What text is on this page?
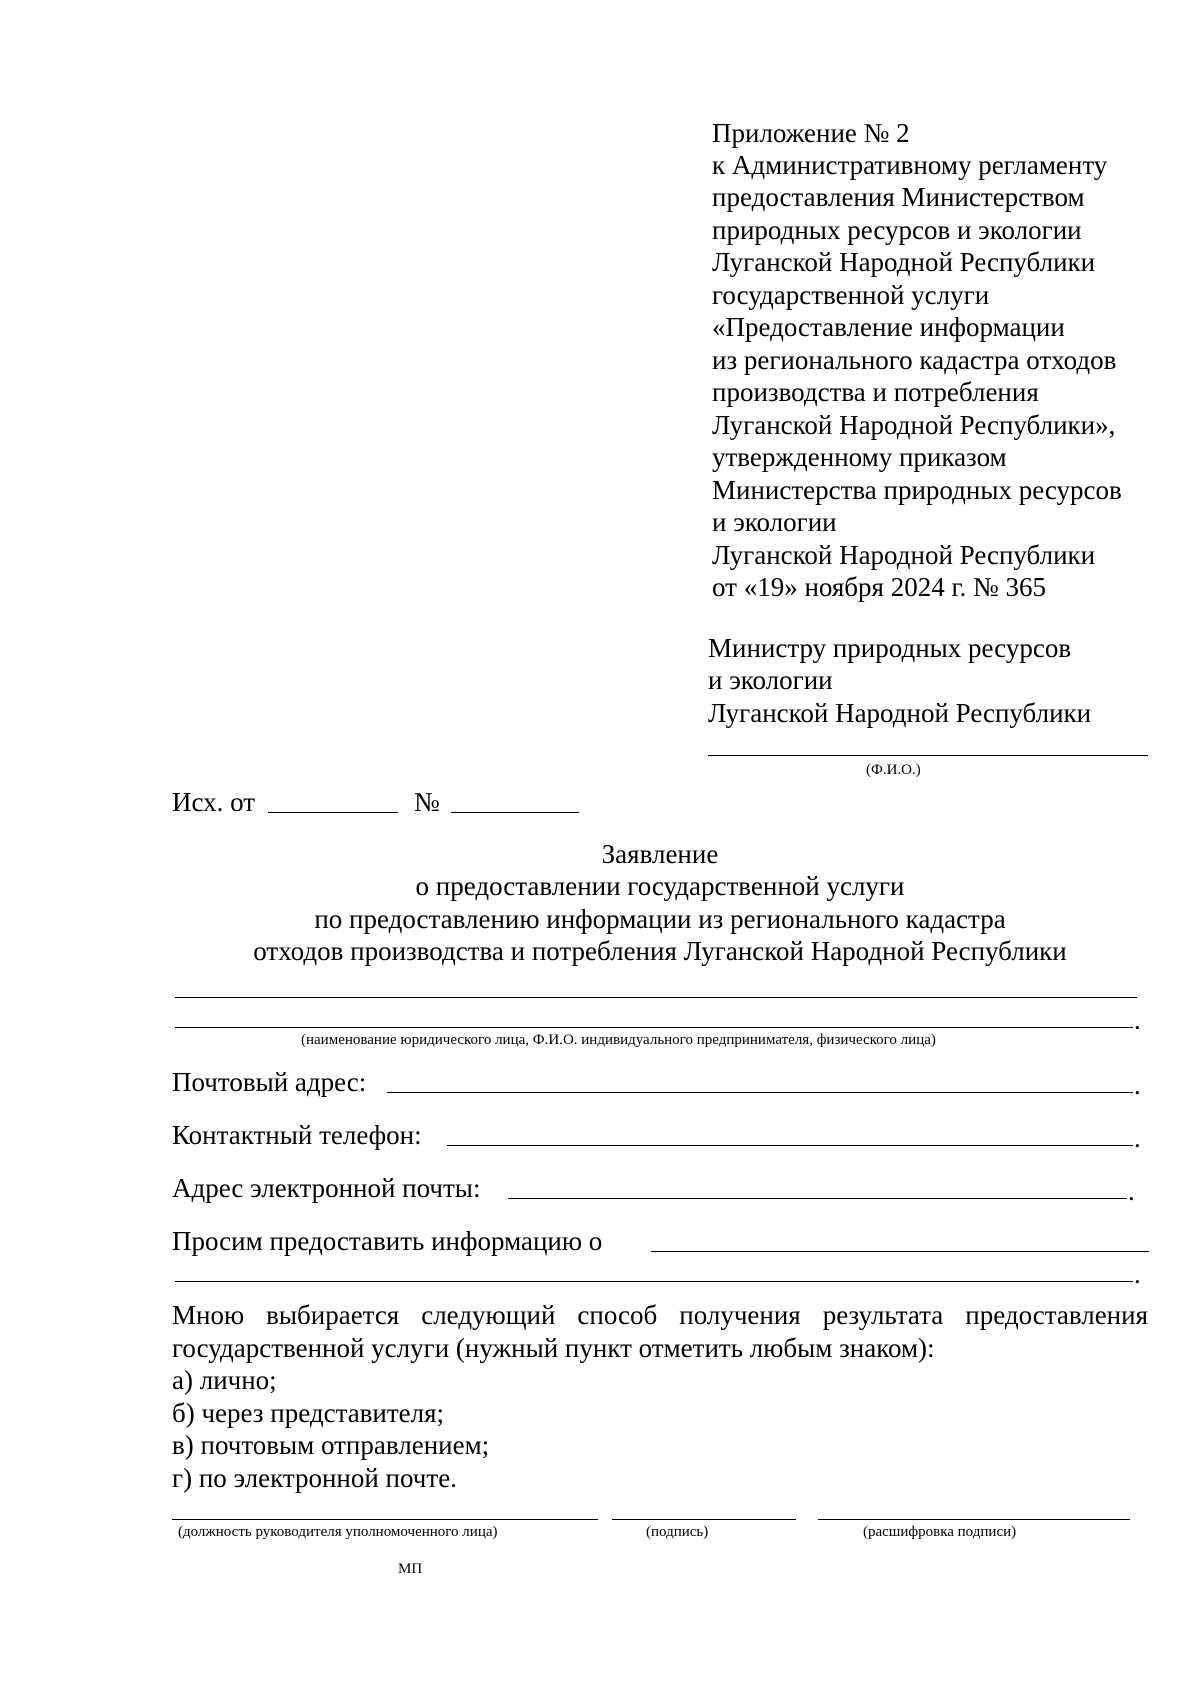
Приложение № 2
к Административному регламенту
предоставления Министерством
природных ресурсов и экологии
Луганской Народной Республики
государственной услуги
«Предоставление информации
из регионального кадастра отходов
производства и потребления
Луганской Народной Республики»,
утвержденному приказом
Министерства природных ресурсов
и экологии
Луганской Народной Республики
от «19» ноября 2024 г. № 365
Министру природных ресурсов
и экологии
Луганской Народной Республики
(Ф.И.О.)
Исх. от	№
Заявление
о предоставлении государственной услуги
по предоставлению информации из регионального кадастра
отходов производства и потребления Луганской Народной Республики
.
(наименование юридического лица, Ф.И.О. индивидуального предпринимателя, физического лица)
Почтовый адрес:	.
Контактный телефон:	.
Адрес электронной почты:	.
Просим предоставить информацию о
.
Мною выбирается следующий способ получения результата предоставления
государственной услуги (нужный пункт отметить любым знаком):
а) лично;
б) через представителя;
в) почтовым отправлением;
г) по электронной почте.
(должность руководителя уполномоченного лица)	(подпись)	(расшифровка подписи)
МП
